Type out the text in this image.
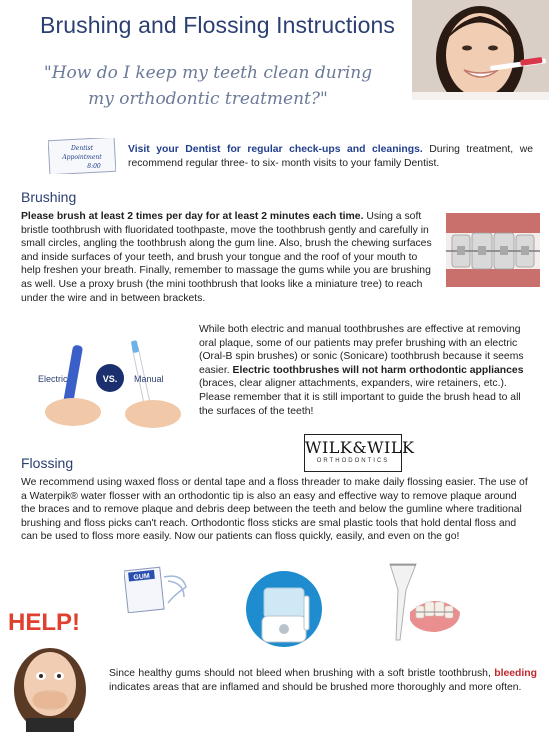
Brushing and Flossing Instructions
"How do I keep my teeth clean during my orthodontic treatment?"
Dentist
Appointment
8:00
Visit your Dentist for regular check-ups and cleanings. During treatment, we recommend regular three- to six- month visits to your family Dentist.
Brushing
Please brush at least 2 times per day for at least 2 minutes each time. Using a soft bristle toothbrush with fluoridated toothpaste, move the toothbrush gently and carefully in small circles, angling the toothbrush along the gum line. Also, brush the chewing surfaces and inside surfaces of your teeth, and brush your tongue and the roof of your mouth to help freshen your breath. Finally, remember to massage the gums while you are brushing as well. Use a proxy brush (the mini toothbrush that looks like a miniature tree) to reach under the wire and in between brackets.
Electric	VS. Manual
While both electric and manual toothbrushes are effective at removing oral plaque, some of our patients may prefer brushing with an electric (Oral-B spin brushes) or sonic (Sonicare) toothbrush because it seems easier. Electric toothbrushes will not harm orthodontic appliances (braces, clear aligner attachments, expanders, wire retainers, etc.). Please remember that it is still important to guide the brush head to all the surfaces of the teeth!
WILK&WILK
ORTHODONTICS
Flossing
We recommend using waxed floss or dental tape and a floss threader to make daily flossing easier. The use of a Waterpik® water flosser with an orthodontic tip is also an easy and effective way to remove plaque around the braces and to remove plaque and debris deep between the teeth and below the gumline where traditional brushing and floss picks can't reach. Orthodontic floss sticks are smal plastic tools that hold dental floss and can be used to floss more easily. Now our patients can floss quickly, easily, and even on the go!
GUM
HELP!
Since healthy gums should not bleed when brushing with a soft bristle toothbrush, bleeding indicates areas that are inflamed and should be brushed more thoroughly and more often.
